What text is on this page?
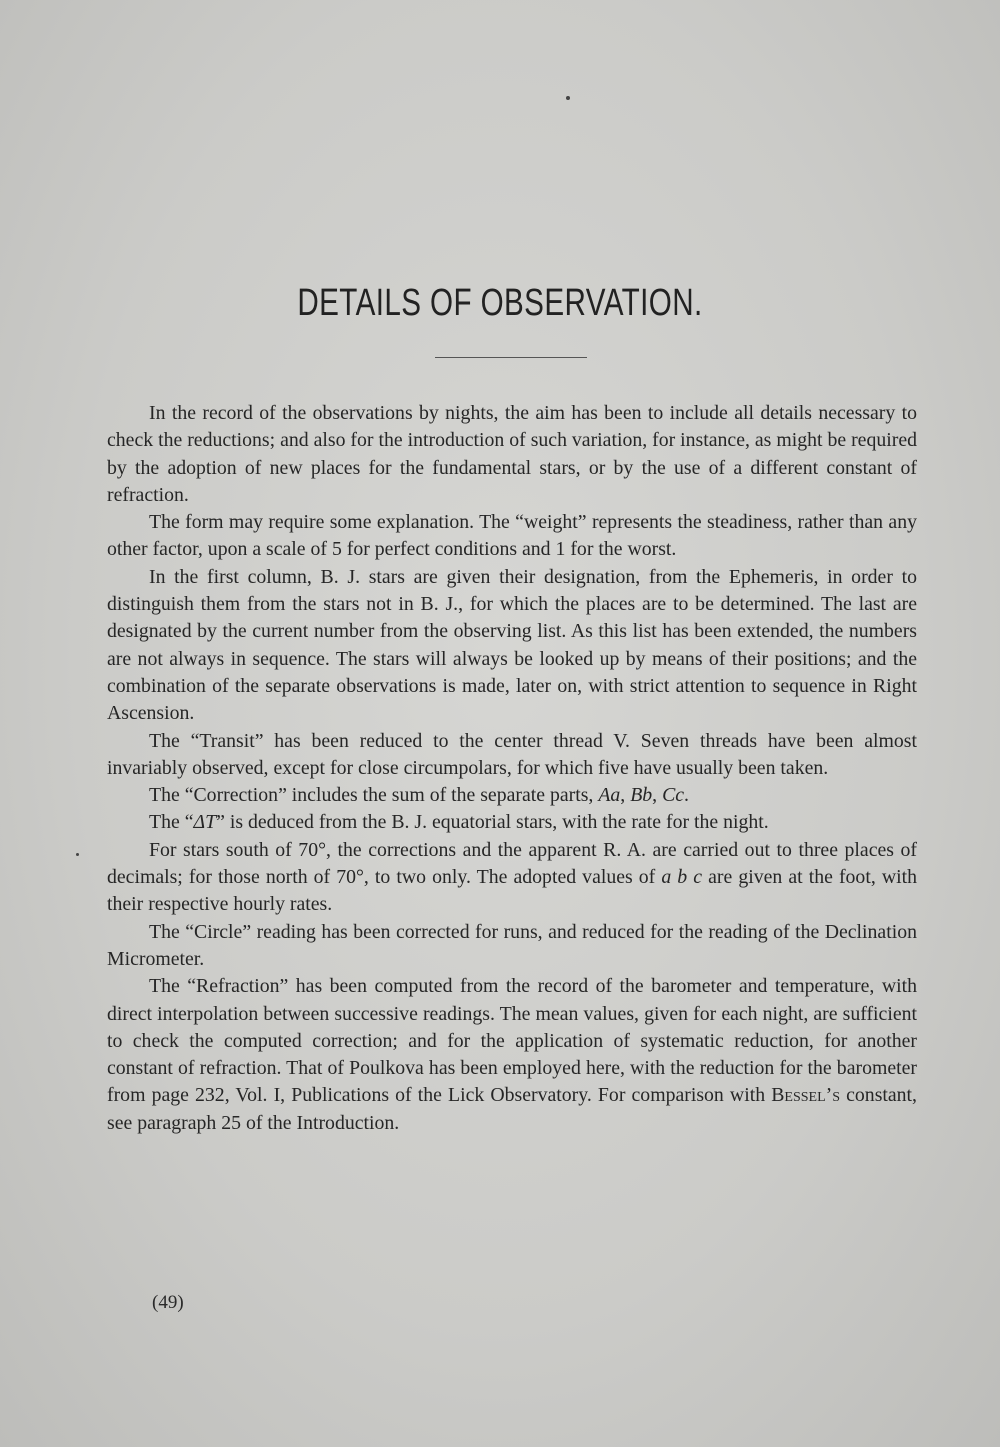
DETAILS OF OBSERVATION.

In the record of the observations by nights, the aim has been to include all details necessary to check the reductions; and also for the introduction of such variation, for instance, as might be required by the adoption of new places for the fundamental stars, or by the use of a different constant of refraction.

The form may require some explanation. The “weight” represents the steadiness, rather than any other factor, upon a scale of 5 for perfect conditions and 1 for the worst.

In the first column, B. J. stars are given their designation, from the Ephemeris, in order to distinguish them from the stars not in B. J., for which the places are to be determined. The last are designated by the current number from the observing list. As this list has been extended, the numbers are not always in sequence. The stars will always be looked up by means of their positions; and the combination of the separate observations is made, later on, with strict attention to sequence in Right Ascension.

The “Transit” has been reduced to the center thread V. Seven threads have been almost invariably observed, except for close circumpolars, for which five have usually been taken.

The “Correction” includes the sum of the separate parts, Aa, Bb, Cc.

The “ΔT” is deduced from the B. J. equatorial stars, with the rate for the night.

For stars south of 70°, the corrections and the apparent R. A. are carried out to three places of decimals; for those north of 70°, to two only. The adopted values of a b c are given at the foot, with their respective hourly rates.

The “Circle” reading has been corrected for runs, and reduced for the reading of the Declination Micrometer.

The “Refraction” has been computed from the record of the barometer and temperature, with direct interpolation between successive readings. The mean values, given for each night, are sufficient to check the computed correction; and for the application of systematic reduction, for another constant of refraction. That of Poulkova has been employed here, with the reduction for the barometer from page 232, Vol. I, Publications of the Lick Observatory. For comparison with Bessel’s constant, see paragraph 25 of the Introduction.

(49)
